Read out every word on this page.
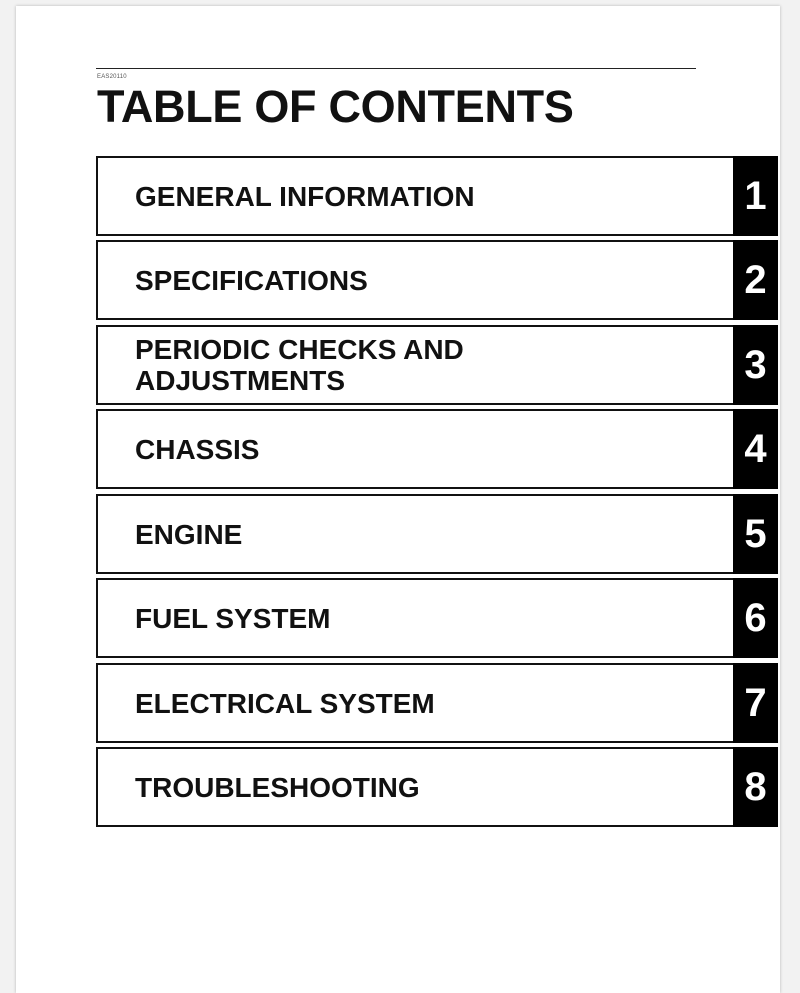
EAS20110
TABLE OF CONTENTS
GENERAL INFORMATION	1
SPECIFICATIONS	2
PERIODIC CHECKS AND
ADJUSTMENTS	3
CHASSIS	4
ENGINE	5
FUEL SYSTEM	6
ELECTRICAL SYSTEM	7
TROUBLESHOOTING	8
